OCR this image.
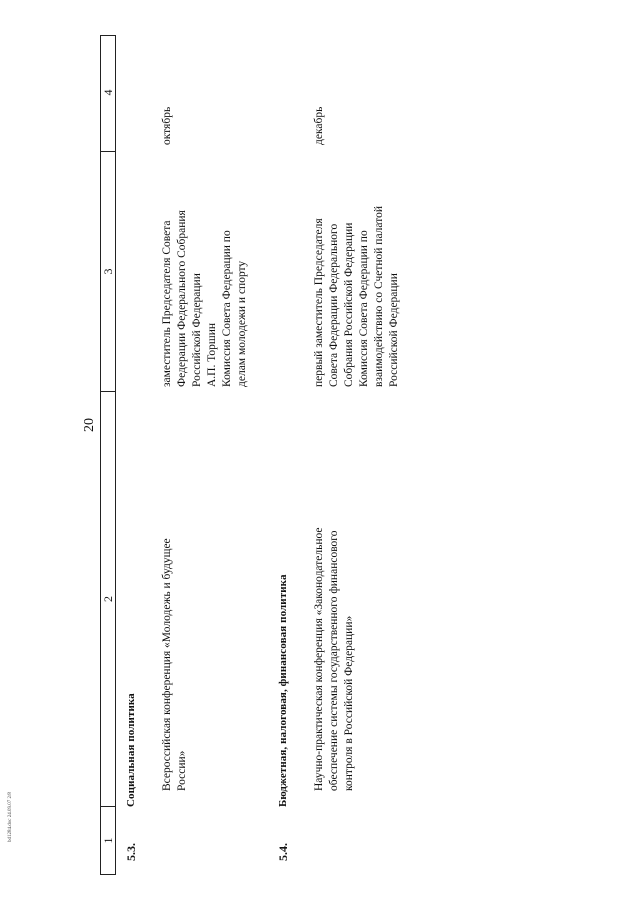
20
1
2
3
4
5.3.
Социальная политика Всероссийская конференция «Молодежь и будущее России»
заместитель Председателя Совета Федерации Федерального Собрания Российской Федерации А.П. Торшин Комиссия Совета Федерации по делам молодежи и спорту
октябрь
5.4.
Бюджетная, налоговая, финансовая политика Научно-практическая конференция «Законодательное обеспечение системы государственного финансового контроля в Российской Федерации»
первый заместитель Председателя Совета Федерации Федерального Собрания Российской Федерации Комиссия Совета Федерации по взаимодействию со Счетной палатой Российской Федерации
декабрь
bd1284.doc 24.09.07 2/8
